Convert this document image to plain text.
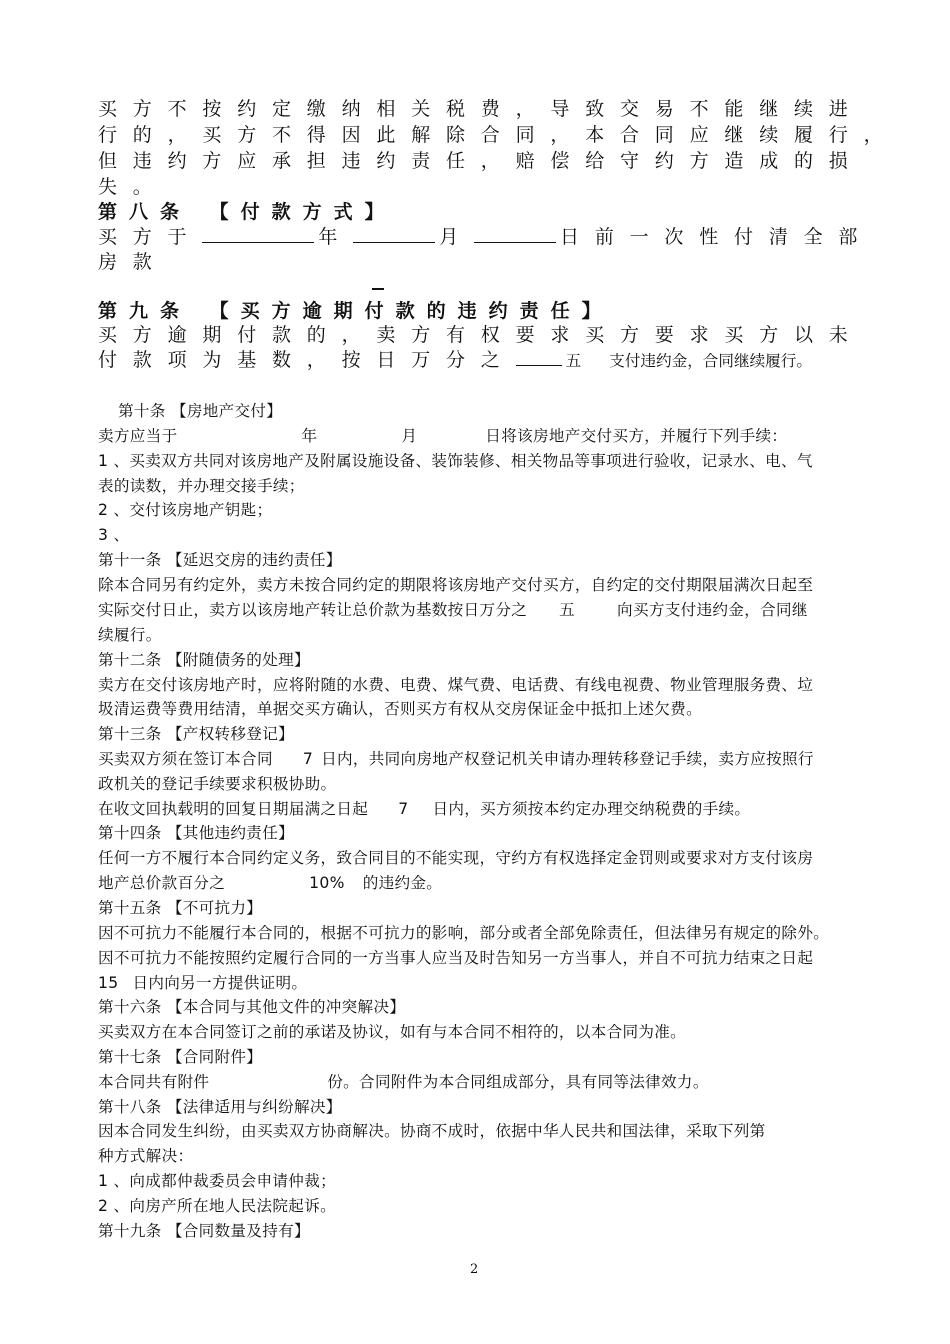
买方不按约定缴纳相关税费，导致交易不能继续进
行的，买方不得因此解除合同，本合同应继续履行，
但违约方应承担违约责任，赔偿给守约方造成的损
失。
第八条 【付款方式】
买方于	年	月	日前一次性付清全部
房款
第九条 【买方逾期付款的违约责任】
买方逾期付款的，卖方有权要求买方要求买方以未
付款项为基数，按日万分之	五 支付违约金，合同继续履行。
第十条 【房地产交付】
卖方应当于	年	月	日将该房地产交付买方，并履行下列手续：
1 、买卖双方共同对该房地产及附属设施设备、装饰装修、相关物品等事项进行验收，记录水、电、气
表的读数，并办理交接手续；
2 、交付该房地产钥匙；
3 、
第十一条 【延迟交房的违约责任】
除本合同另有约定外，卖方未按合同约定的期限将该房地产交付买方，自约定的交付期限届满次日起至
实际交付日止，卖方以该房地产转让总价款为基数按日万分之 五	向买方支付违约金，合同继
续履行。
第十二条 【附随债务的处理】
卖方在交付该房地产时，应将附随的水费、电费、煤气费、电话费、有线电视费、物业管理服务费、垃
圾清运费等费用结清，单据交买方确认，否则买方有权从交房保证金中抵扣上述欠费。
第十三条 【产权转移登记】
买卖双方须在签订本合同 7 日内，共同向房地产权登记机关申请办理转移登记手续，卖方应按照行
政机关的登记手续要求积极协助。
在收文回执载明的回复日期届满之日起 7 日内，买方须按本约定办理交纳税费的手续。
第十四条 【其他违约责任】
任何一方不履行本合同约定义务，致合同目的不能实现，守约方有权选择定金罚则或要求对方支付该房
地产总价款百分之	10% 的违约金。
第十五条 【不可抗力】
因不可抗力不能履行本合同的，根据不可抗力的影响，部分或者全部免除责任，但法律另有规定的除外。
因不可抗力不能按照约定履行合同的一方当事人应当及时告知另一方当事人，并自不可抗力结束之日起
15 日内向另一方提供证明。
第十六条 【本合同与其他文件的冲突解决】
买卖双方在本合同签订之前的承诺及协议，如有与本合同不相符的，以本合同为准。
第十七条 【合同附件】
本合同共有附件	份。合同附件为本合同组成部分，具有同等法律效力。
第十八条 【法律适用与纠纷解决】
因本合同发生纠纷，由买卖双方协商解决。协商不成时，依据中华人民共和国法律，采取下列第
种方式解决：
1 、向成都仲裁委员会申请仲裁；
2 、向房产所在地人民法院起诉。
第十九条 【合同数量及持有】
2
